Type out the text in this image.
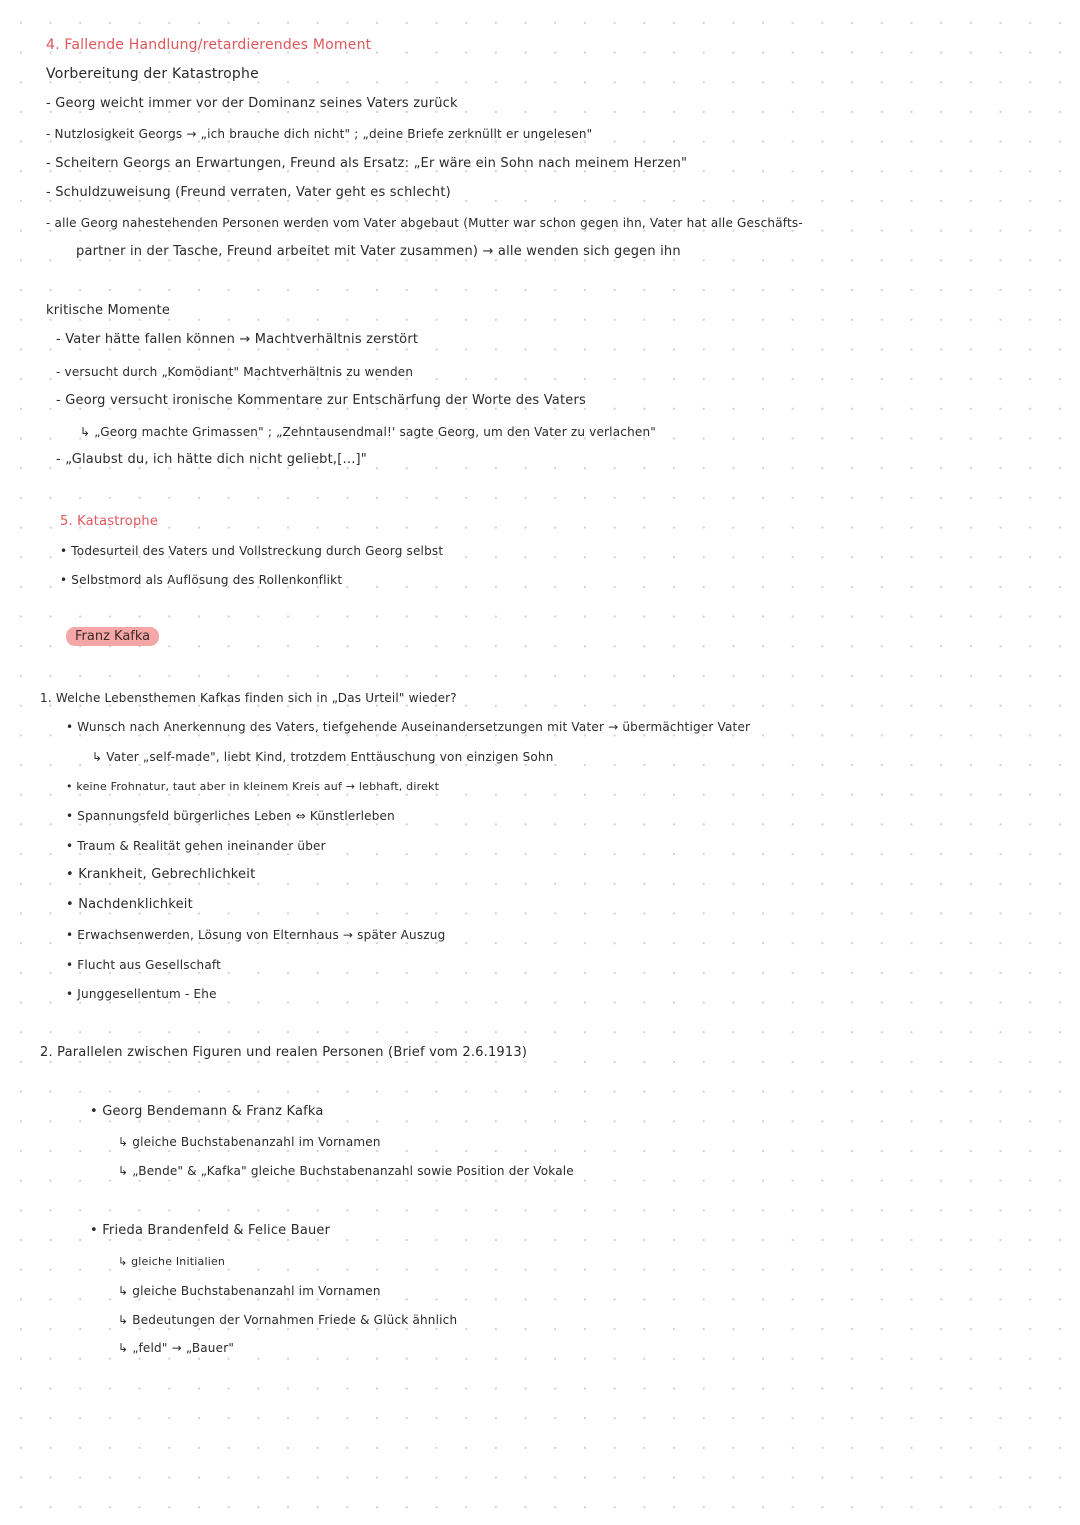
4. Fallende Handlung/retardierendes Moment
Vorbereitung der Katastrophe
- Georg weicht immer vor der Dominanz seines Vaters zurück
- Nutzlosigkeit Georgs → „ich brauche dich nicht" ; „deine Briefe zerknüllt er ungelesen"
- Scheitern Georgs an Erwartungen, Freund als Ersatz: „Er wäre ein Sohn nach meinem Herzen"
- Schuldzuweisung (Freund verraten, Vater geht es schlecht)
- alle Georg nahestehenden Personen werden vom Vater abgebaut (Mutter war schon gegen ihn, Vater hat alle Geschäfts-
partner in der Tasche, Freund arbeitet mit Vater zusammen) → alle wenden sich gegen ihn
kritische Momente
- Vater hätte fallen können → Machtverhältnis zerstört
- versucht durch „Komödiant" Machtverhältnis zu wenden
- Georg versucht ironische Kommentare zur Entschärfung der Worte des Vaters
↳ „Georg machte Grimassen" ; „Zehntausendmal!' sagte Georg, um den Vater zu verlachen"
- „Glaubst du, ich hätte dich nicht geliebt,[...]"
5. Katastrophe
• Todesurteil des Vaters und Vollstreckung durch Georg selbst
• Selbstmord als Auflösung des Rollenkonflikt
Franz Kafka
1. Welche Lebensthemen Kafkas finden sich in „Das Urteil" wieder?
• Wunsch nach Anerkennung des Vaters, tiefgehende Auseinandersetzungen mit Vater → übermächtiger Vater
↳ Vater „self-made", liebt Kind, trotzdem Enttäuschung von einzigen Sohn
• keine Frohnatur, taut aber in kleinem Kreis auf → lebhaft, direkt
• Spannungsfeld bürgerliches Leben ⇔ Künstlerleben
• Traum & Realität gehen ineinander über
• Krankheit, Gebrechlichkeit
• Nachdenklichkeit
• Erwachsenwerden, Lösung von Elternhaus → später Auszug
• Flucht aus Gesellschaft
• Junggesellentum - Ehe
2. Parallelen zwischen Figuren und realen Personen (Brief vom 2.6.1913)
• Georg Bendemann & Franz Kafka
↳ gleiche Buchstabenanzahl im Vornamen
↳ „Bende" & „Kafka" gleiche Buchstabenanzahl sowie Position der Vokale
• Frieda Brandenfeld & Felice Bauer
↳ gleiche Initialien
↳ gleiche Buchstabenanzahl im Vornamen
↳ Bedeutungen der Vornahmen Friede & Glück ähnlich
↳ „feld" → „Bauer"
